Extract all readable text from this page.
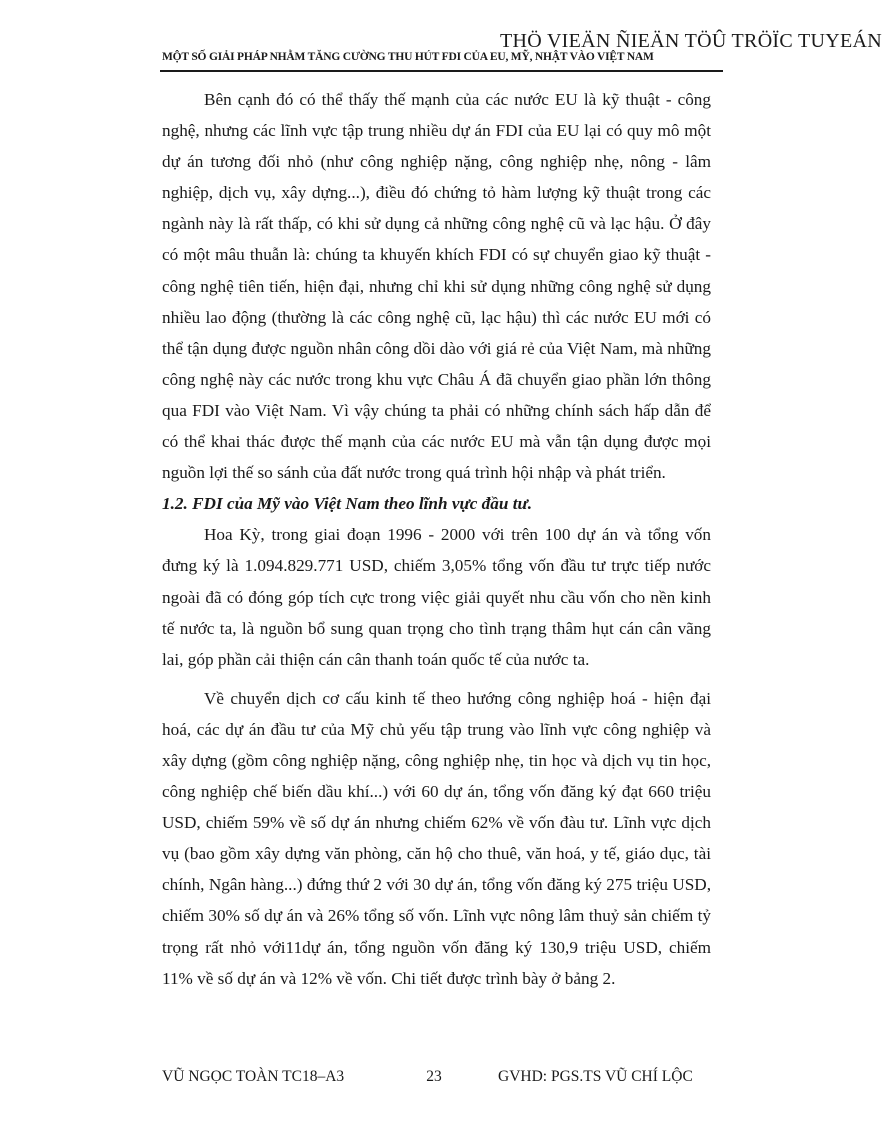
THÖ VIEÄN ÑIEÄN TÖÛ TRÖÏC TUYEÁN
MỘT SỐ GIẢI PHÁP NHẰM TĂNG CƯỜNG THU HÚT FDI CỦA EU, MỸ, NHẬT VÀO VIỆT NAM

Bên cạnh đó có thể thấy thế mạnh của các nước EU là kỹ thuật - công nghệ, nhưng các lĩnh vực tập trung nhiều dự án FDI của EU lại có quy mô một dự án tương đối nhỏ (như công nghiệp nặng, công nghiệp nhẹ, nông - lâm nghiệp, dịch vụ, xây dựng...), điều đó chứng tỏ hàm lượng kỹ thuật trong các ngành này là rất thấp, có khi sử dụng cả những công nghệ cũ và lạc hậu. Ở đây có một mâu thuẫn là: chúng ta khuyến khích FDI có sự chuyển giao kỹ thuật - công nghệ tiên tiến, hiện đại, nhưng chỉ khi sử dụng những công nghệ sử dụng nhiều lao động (thường là các công nghệ cũ, lạc hậu) thì các nước EU mới có thể tận dụng được nguồn nhân công dồi dào với giá rẻ của Việt Nam, mà những công nghệ này các nước trong khu vực Châu Á đã chuyển giao phần lớn thông qua FDI vào Việt Nam. Vì vậy chúng ta phải có những chính sách hấp dẫn để có thể khai thác được thế mạnh của các nước EU mà vẫn tận dụng được mọi nguồn lợi thế so sánh của đất nước trong quá trình hội nhập và phát triển.

1.2. FDI của Mỹ vào Việt Nam theo lĩnh vực đầu tư.

Hoa Kỳ, trong giai đoạn 1996 - 2000 với trên 100 dự án và tổng vốn đưng ký là 1.094.829.771 USD, chiếm 3,05% tổng vốn đầu tư trực tiếp nước ngoài đã có đóng góp tích cực trong việc giải quyết nhu cầu vốn cho nền kinh tế nước ta, là nguồn bổ sung quan trọng cho tình trạng thâm hụt cán cân vãng lai, góp phần cải thiện cán cân thanh toán quốc tế của nước ta.

Về chuyển dịch cơ cấu kinh tế theo hướng công nghiệp hoá - hiện đại hoá, các dự án đầu tư của Mỹ chủ yếu tập trung vào lĩnh vực công nghiệp và xây dựng (gồm công nghiệp nặng, công nghiệp nhẹ, tin học và dịch vụ tin học, công nghiệp chế biến dầu khí...) với 60 dự án, tổng vốn đăng ký đạt 660 triệu USD, chiếm 59% về số dự án nhưng chiếm 62% về vốn đàu tư. Lĩnh vực dịch vụ (bao gồm xây dựng văn phòng, căn hộ cho thuê, văn hoá, y tế, giáo dục, tài chính, Ngân hàng...) đứng thứ 2 với 30 dự án, tổng vốn đăng ký 275 triệu USD, chiếm 30% số dự án và 26% tổng số vốn. Lĩnh vực nông lâm thuỷ sản chiếm tỷ trọng rất nhỏ với11dự án, tổng nguồn vốn đăng ký 130,9 triệu USD, chiếm 11% về số dự án và 12% về vốn. Chi tiết được trình bày ở bảng 2.

VŨ NGỌC TOÀN TC18–A3	23	GVHD: PGS.TS VŨ CHÍ LỘC
